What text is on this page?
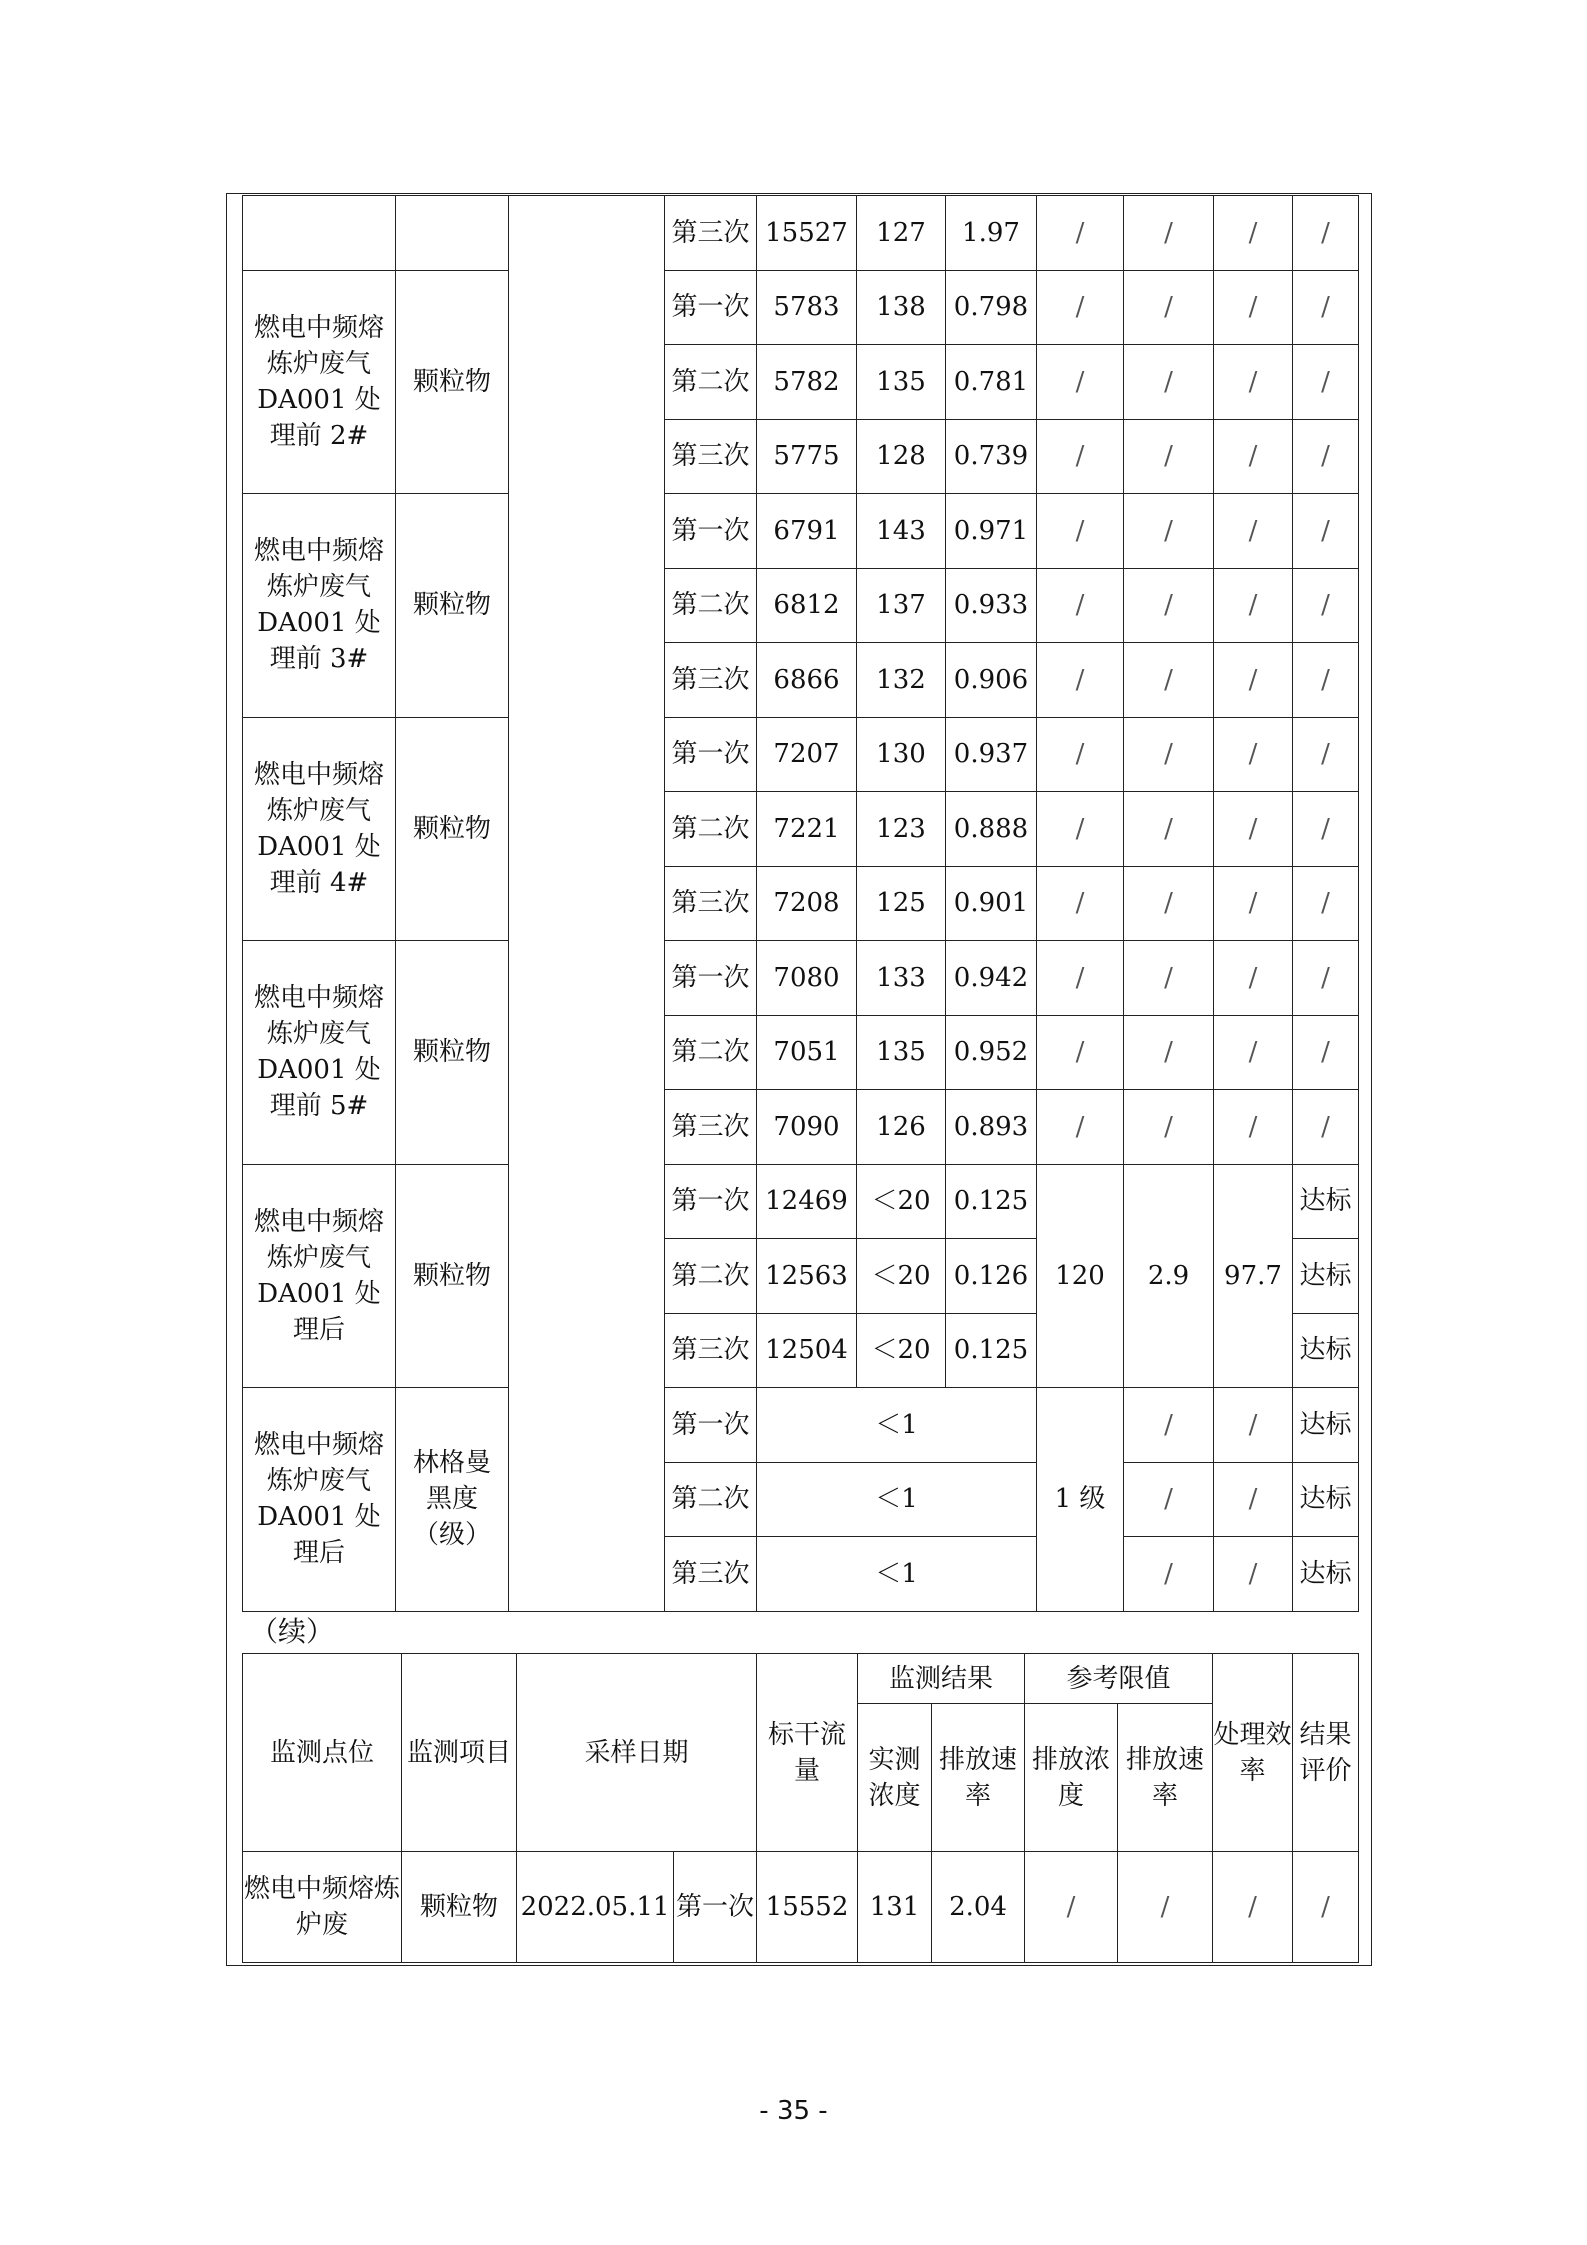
			第三次	15527	127	1.97	/	/	/	/
燃电中频熔炼炉废气 DA001 处理前 2#	颗粒物		第一次	5783	138	0.798	/	/	/	/
			第二次	5782	135	0.781	/	/	/	/
			第三次	5775	128	0.739	/	/	/	/
燃电中频熔炼炉废气 DA001 处理前 3#	颗粒物		第一次	6791	143	0.971	/	/	/	/
			第二次	6812	137	0.933	/	/	/	/
			第三次	6866	132	0.906	/	/	/	/
燃电中频熔炼炉废气 DA001 处理前 4#	颗粒物		第一次	7207	130	0.937	/	/	/	/
			第二次	7221	123	0.888	/	/	/	/
			第三次	7208	125	0.901	/	/	/	/
燃电中频熔炼炉废气 DA001 处理前 5#	颗粒物		第一次	7080	133	0.942	/	/	/	/
			第二次	7051	135	0.952	/	/	/	/
			第三次	7090	126	0.893	/	/	/	/
燃电中频熔炼炉废气 DA001 处理后	颗粒物		第一次	12469	＜20	0.125	120	2.9	97.7	达标
			第二次	12563	＜20	0.126				达标
			第三次	12504	＜20	0.125				达标
燃电中频熔炼炉废气 DA001 处理后	林格曼黑度（级）		第一次	＜1			1 级	/	/	达标
			第二次	＜1				/	/	达标
			第三次	＜1				/	/	达标
（续）
监测点位	监测项目	采样日期		标干流量	监测结果		参考限值		处理效率	结果评价
					实测浓度	排放速率	排放浓度	排放速率		
燃电中频熔炼炉废	颗粒物	2022.05.11	第一次	15552	131	2.04	/	/	/	/
- 35 -
